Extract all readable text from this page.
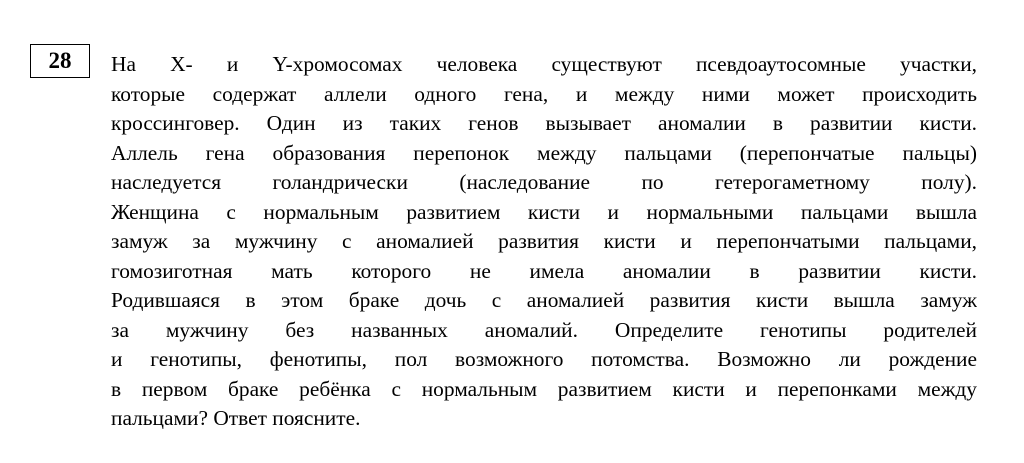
28	На X- и Y-хромосомах человека существуют псевдоаутосомные участки,
которые содержат аллели одного гена, и между ними может происходить
кроссинговер. Один из таких генов вызывает аномалии в развитии кисти.
Аллель гена образования перепонок между пальцами (перепончатые пальцы)
наследуется голандрически (наследование по гетерогаметному полу).
Женщина с нормальным развитием кисти и нормальными пальцами вышла
замуж за мужчину с аномалией развития кисти и перепончатыми пальцами,
гомозиготная мать которого не имела аномалии в развитии кисти.
Родившаяся в этом браке дочь с аномалией развития кисти вышла замуж
за мужчину без названных аномалий. Определите генотипы родителей
и генотипы, фенотипы, пол возможного потомства. Возможно ли рождение
в первом браке ребёнка с нормальным развитием кисти и перепонками между
пальцами? Ответ поясните.
